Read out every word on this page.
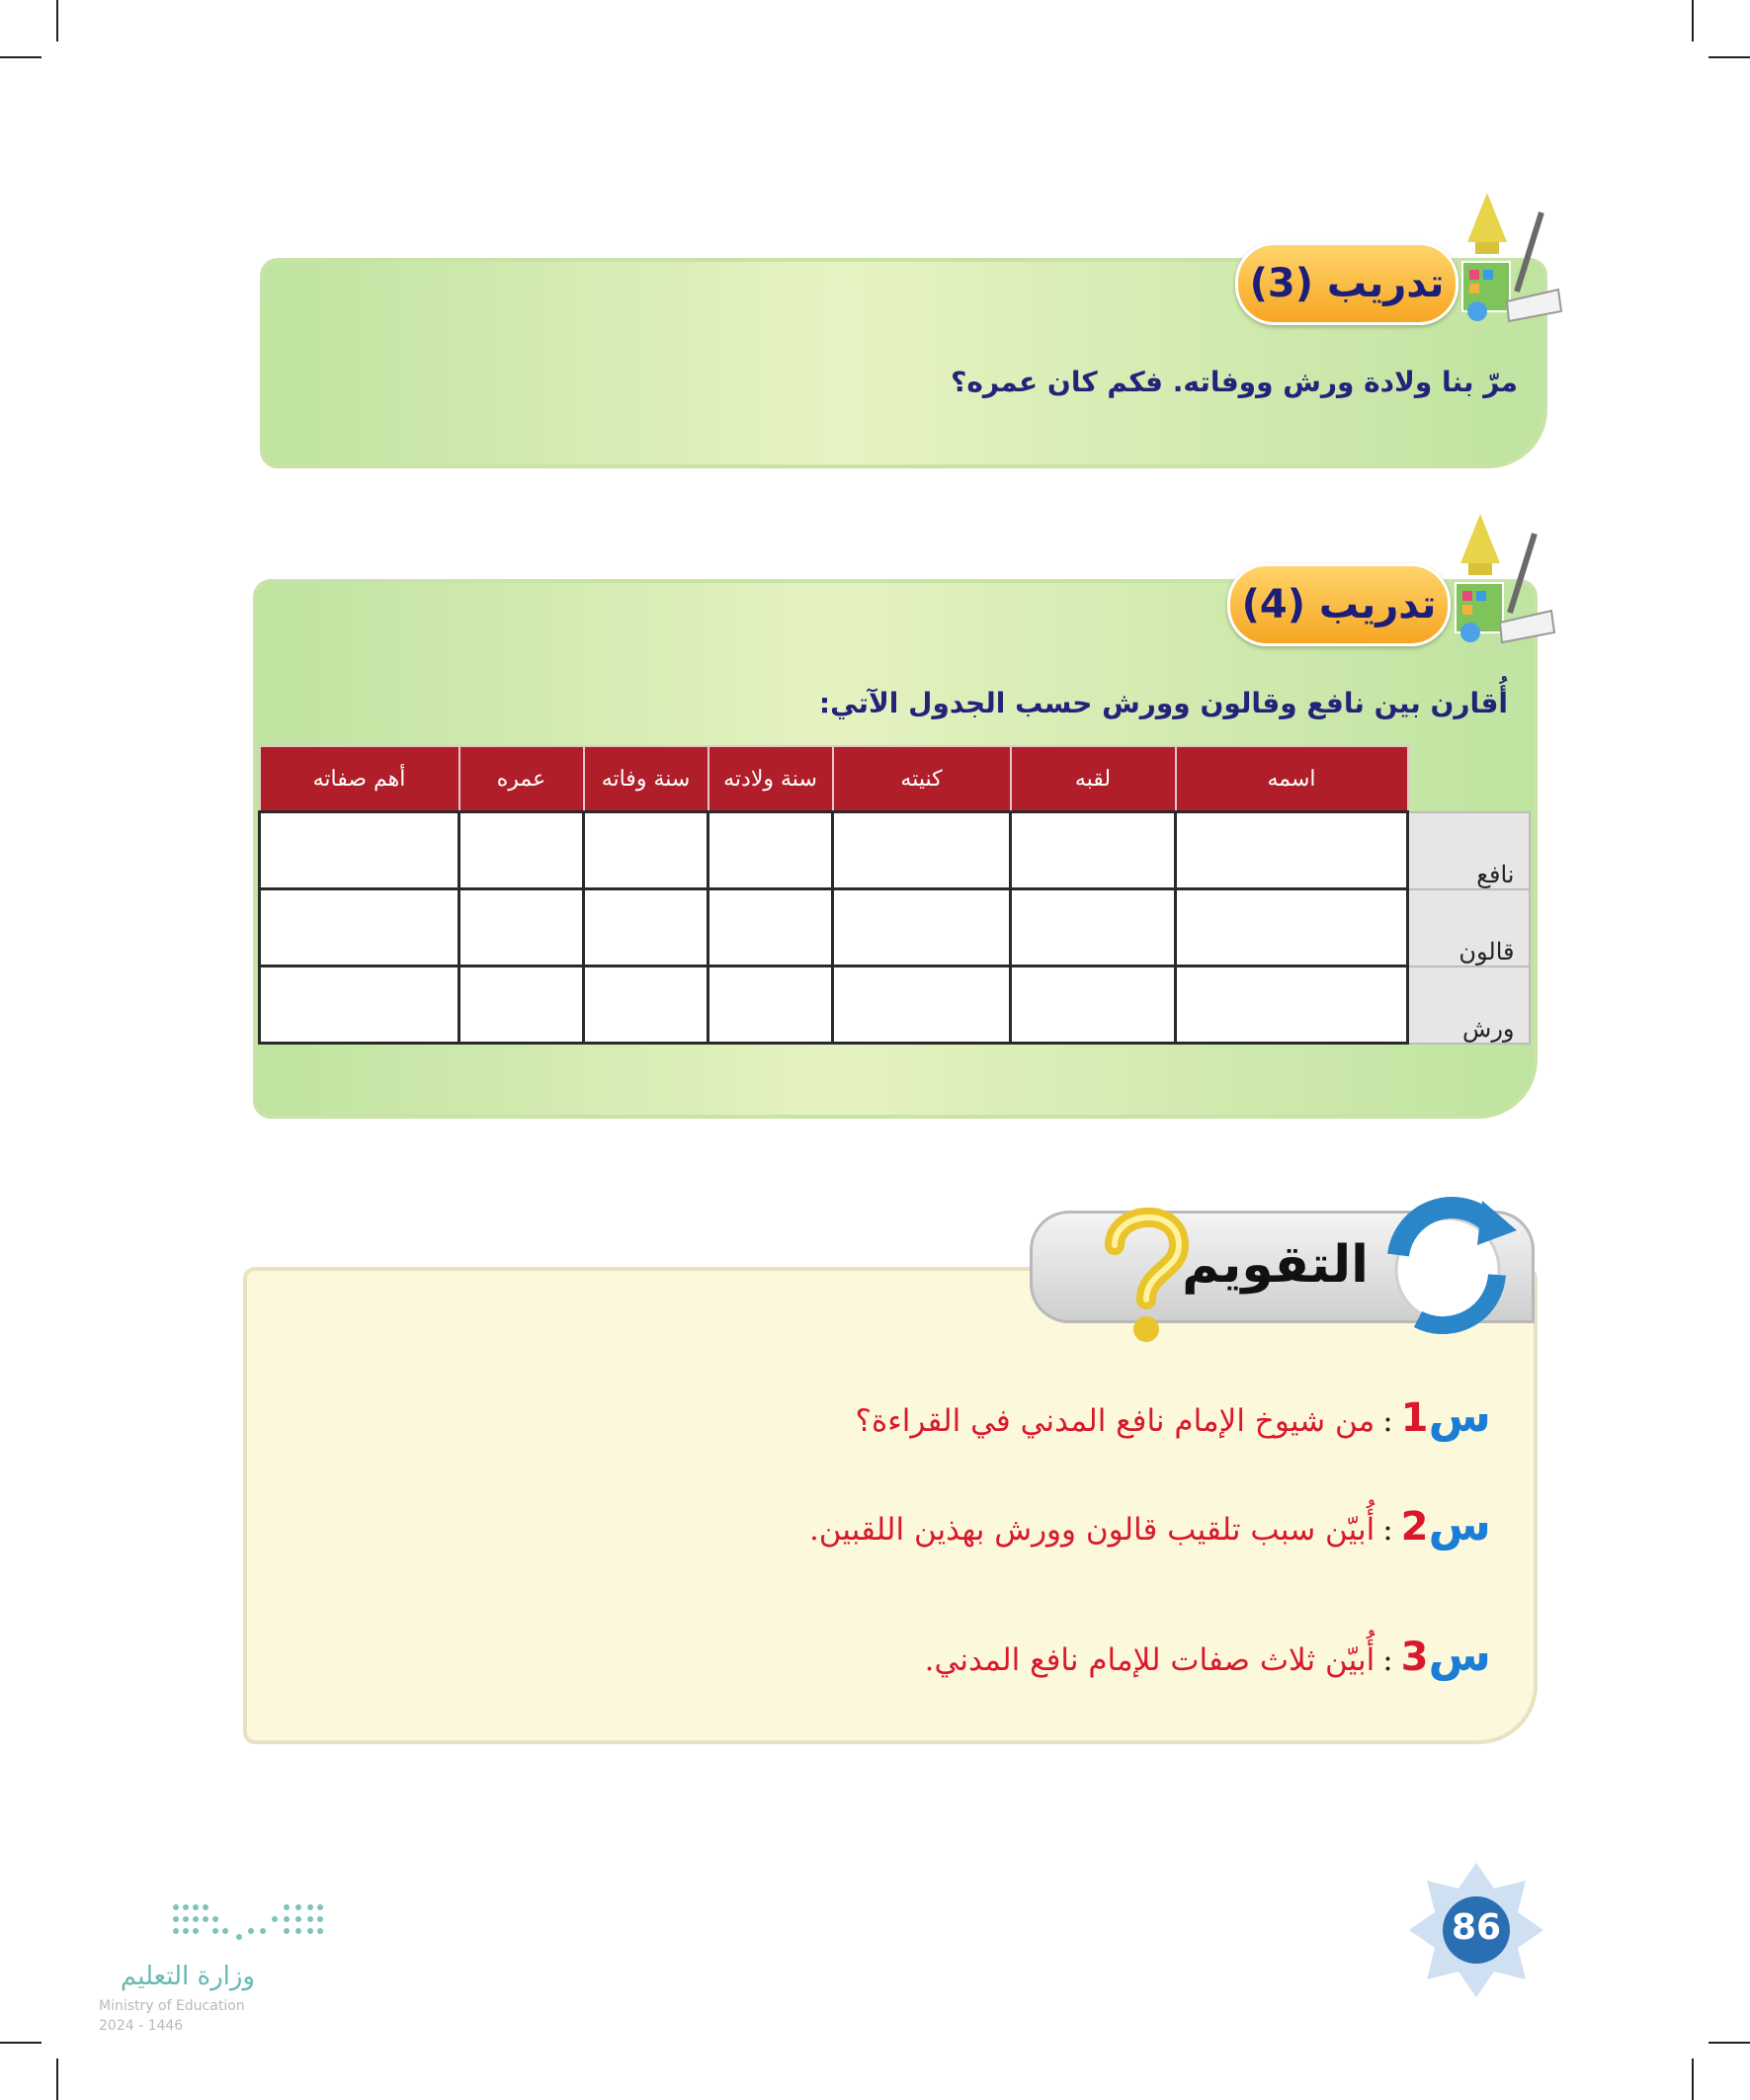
تدريب (3)
مرّ بنا ولادة ورش ووفاته. فكم كان عمره؟
تدريب (4)
أُقارن بين نافع وقالون وورش حسب الجدول الآتي:
	اسمه	لقبه	كنيته	سنة ولادته	سنة وفاته	عمره	أهم صفاته
نافع							
قالون							
ورش							
التقويم
س1:من شيوخ الإمام نافع المدني في القراءة؟
س2:أُبيّن سبب تلقيب قالون وورش بهذين اللقبين.
س3:أُبيّن ثلاث صفات للإمام نافع المدني.
86
وزارة التعليم
Ministry of Education
2024 - 1446
